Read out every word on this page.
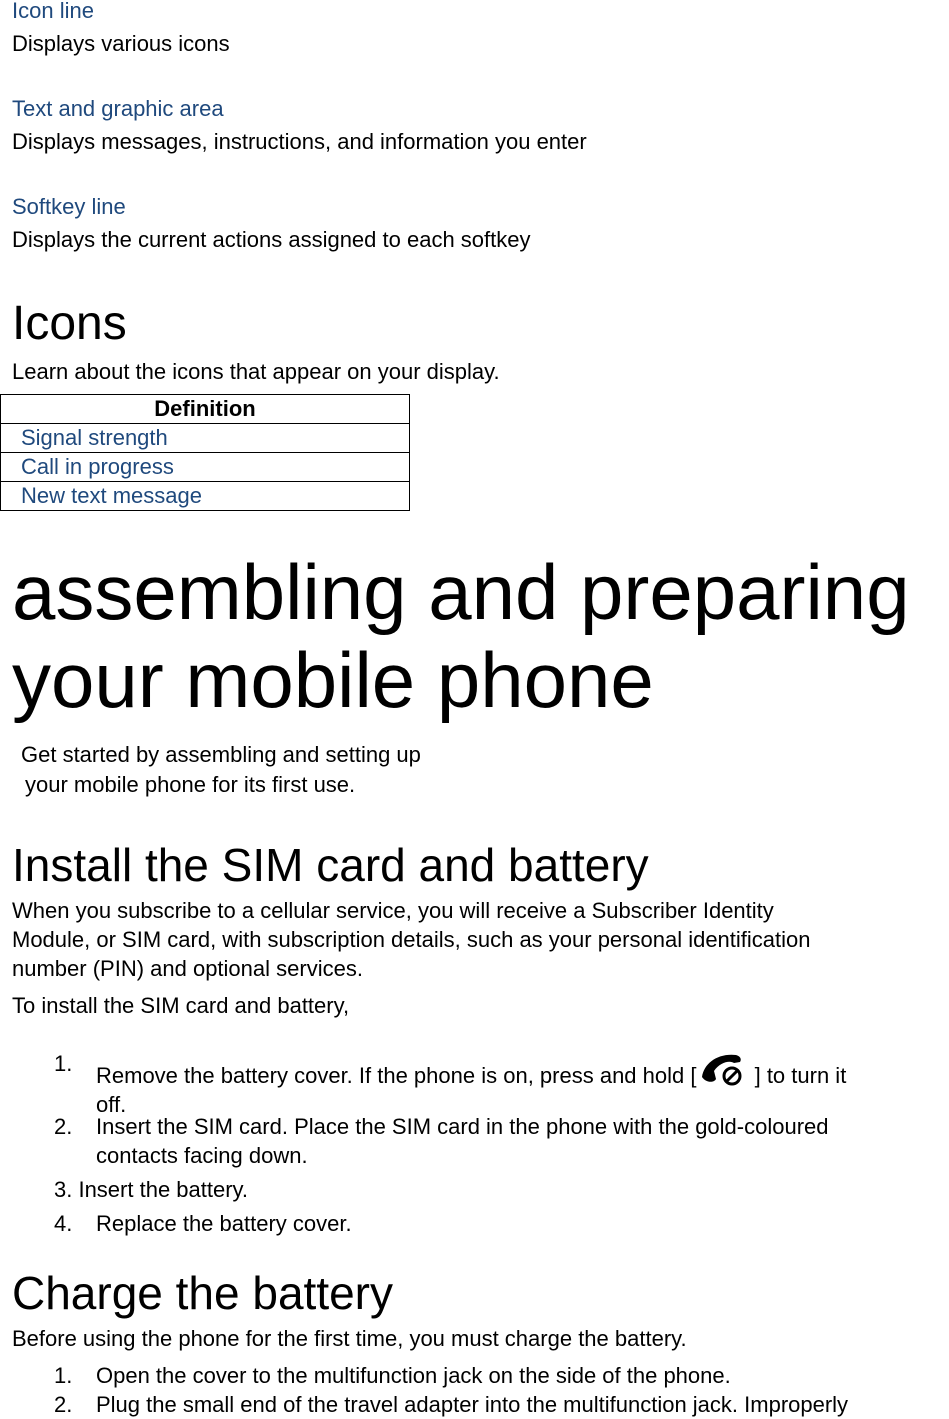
Icon line
Displays various icons
Text and graphic area
Displays messages, instructions, and information you enter
Softkey line
Displays the current actions assigned to each softkey
Icons
Learn about the icons that appear on your display.
Definition
Signal strength
Call in progress
New text message
assembling and preparing
your mobile phone
Get started by assembling and setting up
your mobile phone for its first use.
Install the SIM card and battery
When you subscribe to a cellular service, you will receive a Subscriber Identity
Module, or SIM card, with subscription details, such as your personal identification
number (PIN) and optional services.
To install the SIM card and battery,
1. Remove the battery cover. If the phone is on, press and hold [	] to turn it
off.
2. Insert the SIM card. Place the SIM card in the phone with the gold-coloured
contacts facing down.
3. Insert the battery.
4. Replace the battery cover.
Charge the battery
Before using the phone for the first time, you must charge the battery.
1. Open the cover to the multifunction jack on the side of the phone.
2. Plug the small end of the travel adapter into the multifunction jack. Improperly
